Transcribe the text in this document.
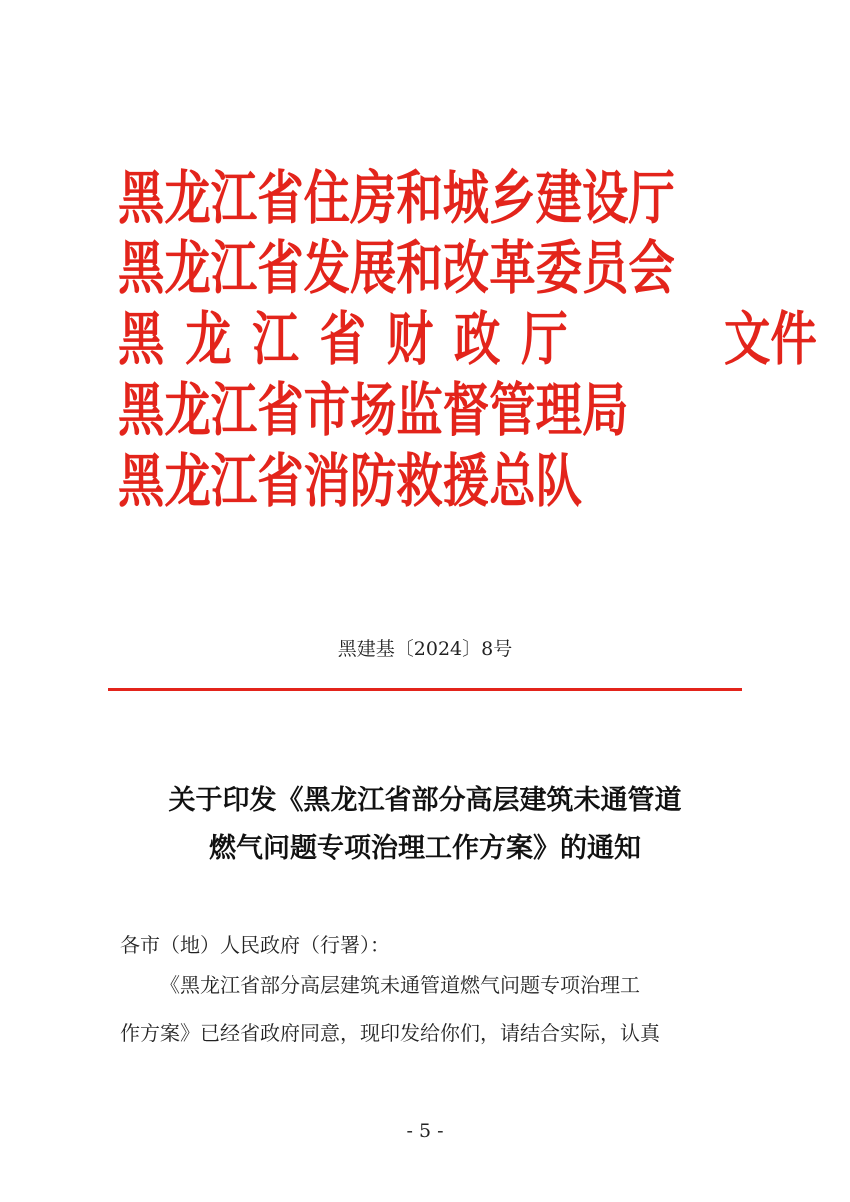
黑龙江省住房和城乡建设厅
黑龙江省发展和改革委员会
黑龙江省财政厅 文件
黑龙江省市场监督管理局
黑龙江省消防救援总队
黑建基〔2024〕8号
关于印发《黑龙江省部分高层建筑未通管道
燃气问题专项治理工作方案》的通知
各市（地）人民政府（行署）：
《黑龙江省部分高层建筑未通管道燃气问题专项治理工
作方案》已经省政府同意，现印发给你们，请结合实际，认真
- 5 -
